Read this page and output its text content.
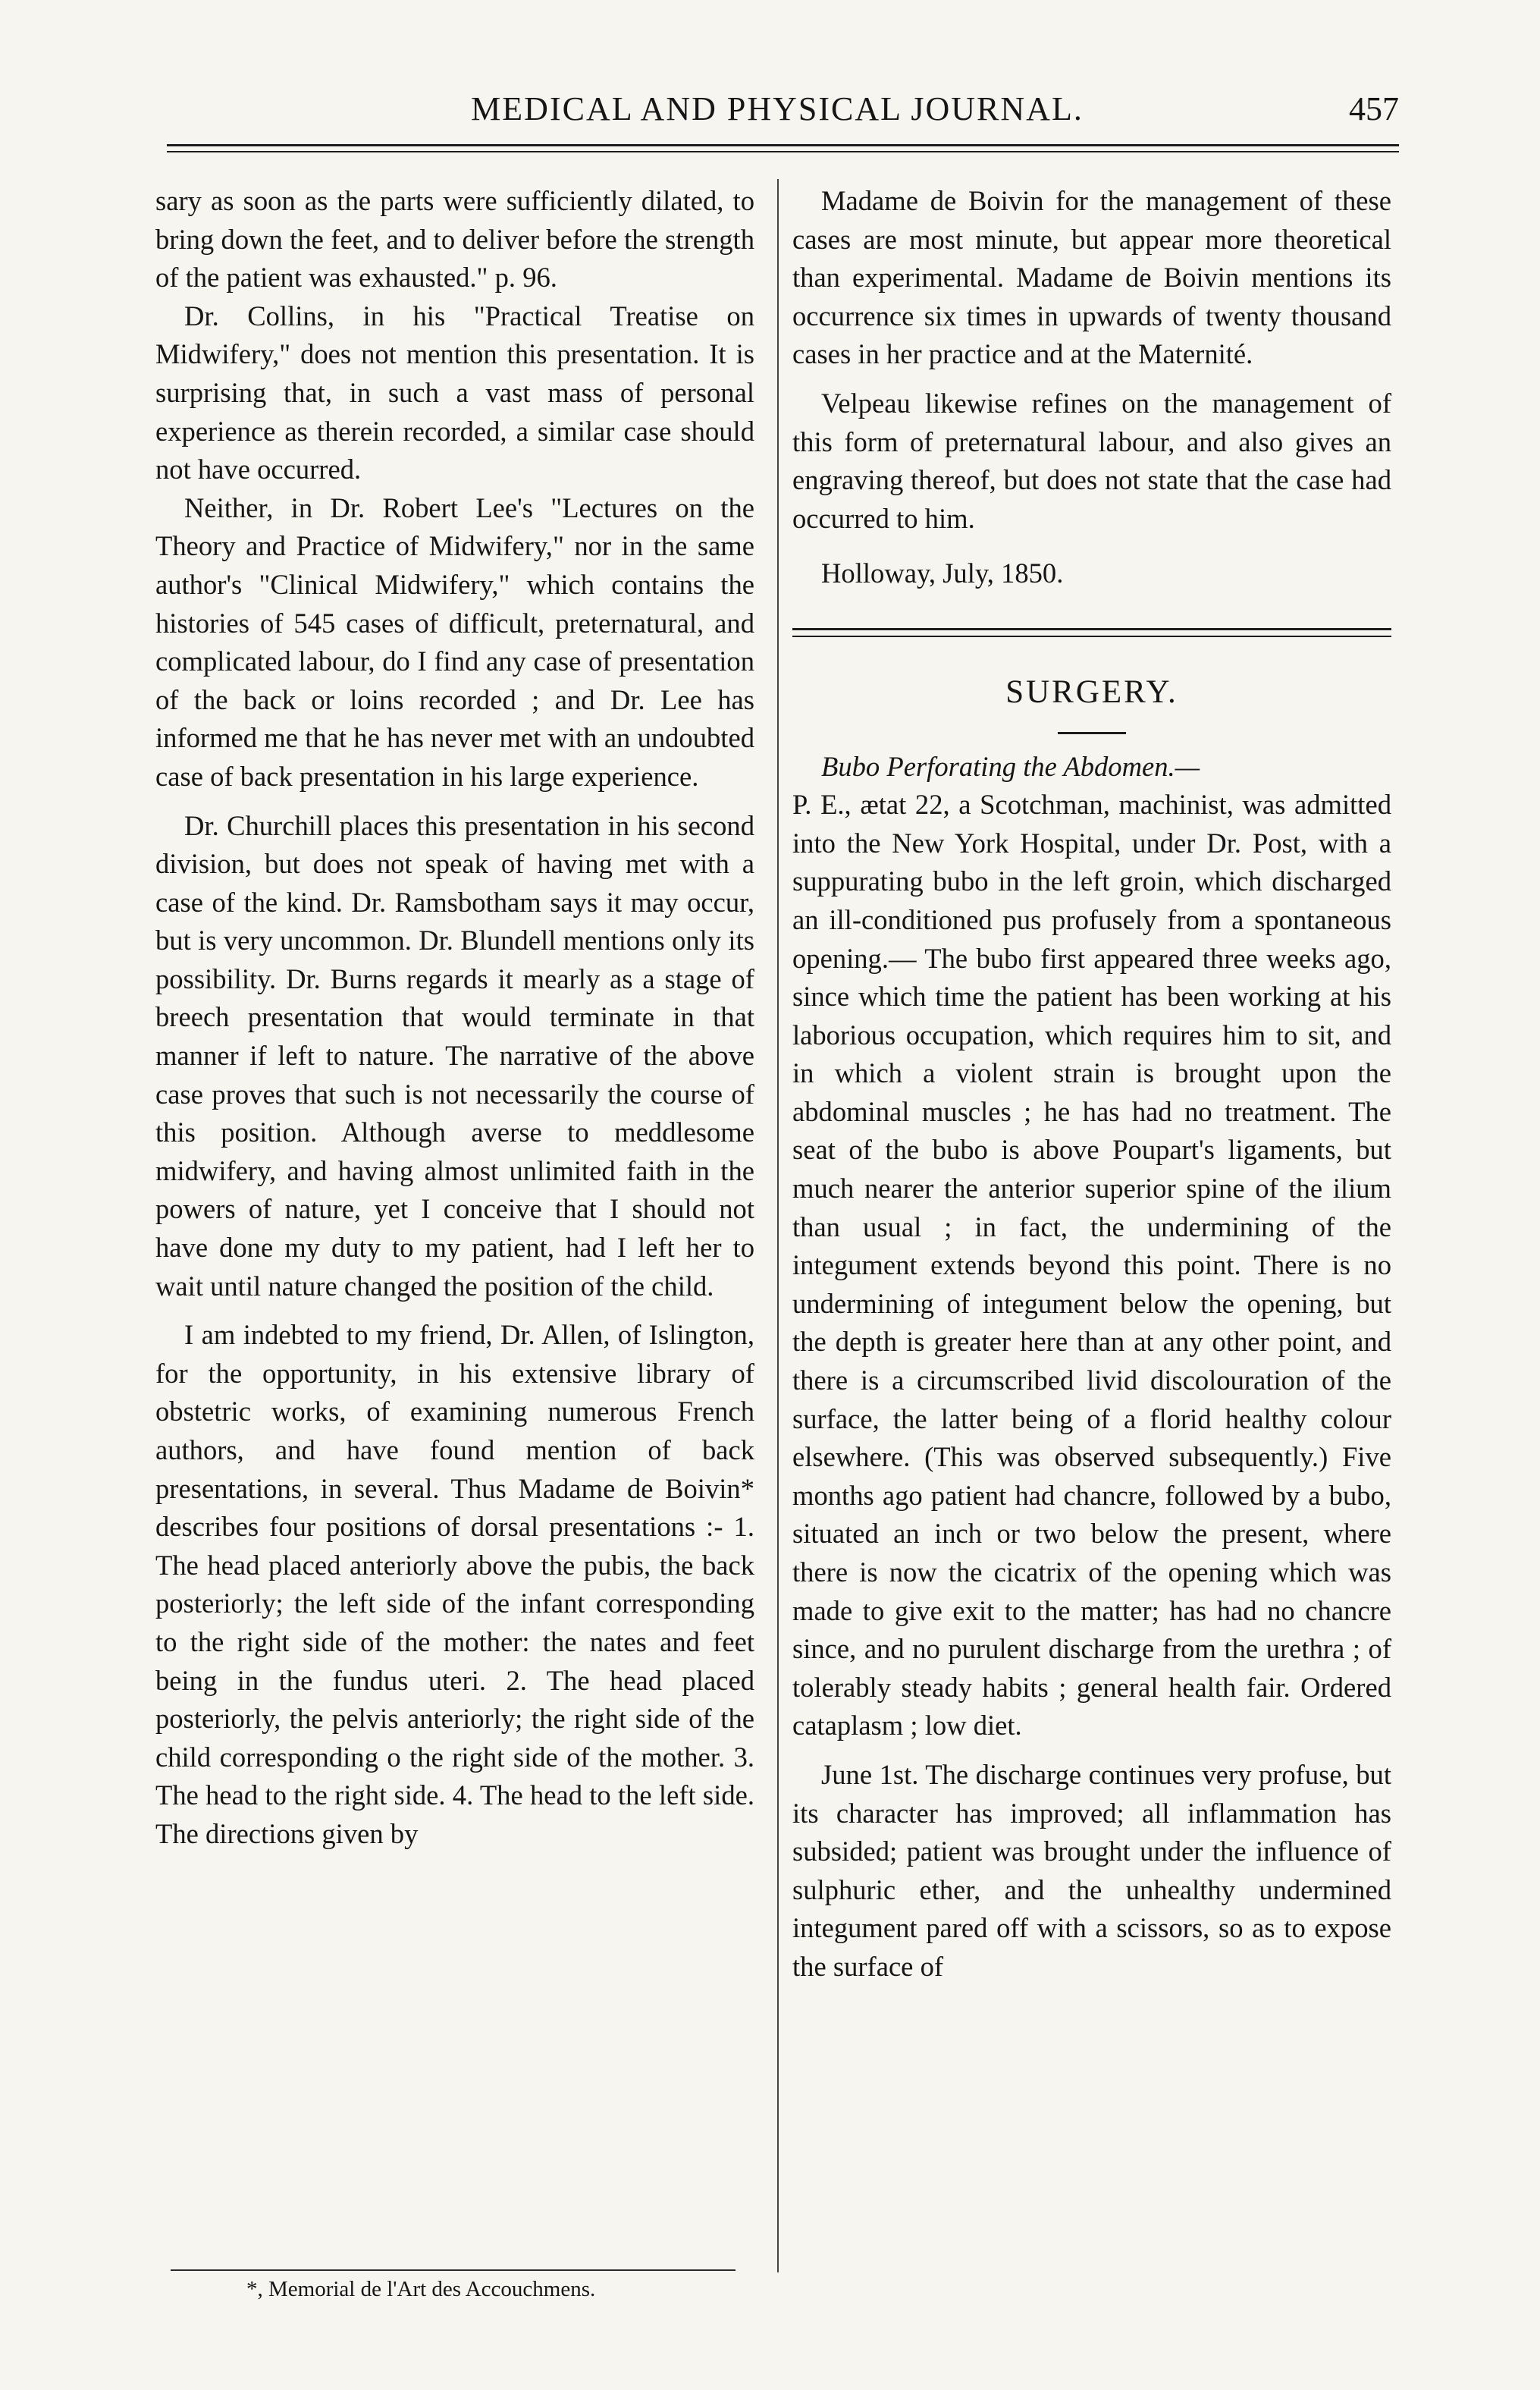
MEDICAL AND PHYSICAL JOURNAL.	457

sary as soon as the parts were sufficiently dilated, to bring down the feet, and to deliver before the strength of the patient was exhausted." p. 96.

Dr. Collins, in his "Practical Treatise on Midwifery," does not mention this presentation. It is surprising that, in such a vast mass of personal experience as therein recorded, a similar case should not have occurred.

Neither, in Dr. Robert Lee's "Lectures on the Theory and Practice of Midwifery," nor in the same author's "Clinical Midwifery," which contains the histories of 545 cases of difficult, preternatural, and complicated labour, do I find any case of presentation of the back or loins recorded ; and Dr. Lee has informed me that he has never met with an undoubted case of back presentation in his large experience.

Dr. Churchill places this presentation in his second division, but does not speak of having met with a case of the kind. Dr. Ramsbotham says it may occur, but is very uncommon. Dr. Blundell mentions only its possibility. Dr. Burns regards it mearly as a stage of breech presentation that would terminate in that manner if left to nature. The narrative of the above case proves that such is not necessarily the course of this position. Although averse to meddlesome midwifery, and having almost unlimited faith in the powers of nature, yet I conceive that I should not have done my duty to my patient, had I left her to wait until nature changed the position of the child.

I am indebted to my friend, Dr. Allen, of Islington, for the opportunity, in his extensive library of obstetric works, of examining numerous French authors, and have found mention of back presentations, in several. Thus Madame de Boivin* describes four positions of dorsal presentations :- 1. The head placed anteriorly above the pubis, the back posteriorly; the left side of the infant corresponding to the right side of the mother: the nates and feet being in the fundus uteri. 2. The head placed posteriorly, the pelvis anteriorly; the right side of the child corresponding o the right side of the mother. 3. The head to the right side. 4. The head to the left side. The directions given by

Madame de Boivin for the management of these cases are most minute, but appear more theoretical than experimental. Madame de Boivin mentions its occurrence six times in upwards of twenty thousand cases in her practice and at the Maternité.

Velpeau likewise refines on the management of this form of preternatural labour, and also gives an engraving thereof, but does not state that the case had occurred to him.

Holloway, July, 1850.

SURGERY.

Bubo Perforating the Abdomen.—

P. E., ætat 22, a Scotchman, machinist, was admitted into the New York Hospital, under Dr. Post, with a suppurating bubo in the left groin, which discharged an ill-conditioned pus profusely from a spontaneous opening.— The bubo first appeared three weeks ago, since which time the patient has been working at his laborious occupation, which requires him to sit, and in which a violent strain is brought upon the abdominal muscles ; he has had no treatment. The seat of the bubo is above Poupart's ligaments, but much nearer the anterior superior spine of the ilium than usual ; in fact, the undermining of the integument extends beyond this point. There is no undermining of integument below the opening, but the depth is greater here than at any other point, and there is a circumscribed livid discolouration of the surface, the latter being of a florid healthy colour elsewhere. (This was observed subsequently.) Five months ago patient had chancre, followed by a bubo, situated an inch or two below the present, where there is now the cicatrix of the opening which was made to give exit to the matter; has had no chancre since, and no purulent discharge from the urethra ; of tolerably steady habits ; general health fair. Ordered cataplasm ; low diet.

June 1st. The discharge continues very profuse, but its character has improved; all inflammation has subsided; patient was brought under the influence of sulphuric ether, and the unhealthy undermined integument pared off with a scissors, so as to expose the surface of

*, Memorial de l'Art des Accouchmens.
